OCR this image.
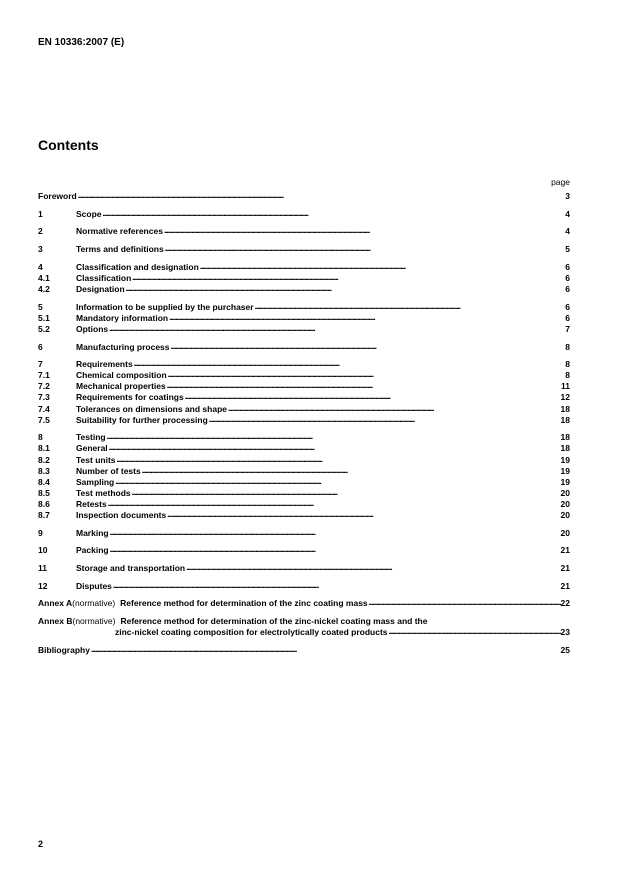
EN 10336:2007 (E)
Contents
page
Foreword . . .	3
1	Scope . . .	4
2	Normative references . . .	4
3	Terms and definitions . . .	5
4	Classification and designation . . .	6
4.1	Classification . . .	6
4.2	Designation . . .	6
5	Information to be supplied by the purchaser . . .	6
5.1	Mandatory information . . .	6
5.2	Options . . .	7
6	Manufacturing process . . .	8
7	Requirements . . .	8
7.1	Chemical composition . . .	8
7.2	Mechanical properties . . .	11
7.3	Requirements for coatings . . .	12
7.4	Tolerances on dimensions and shape . . .	18
7.5	Suitability for further processing . . .	18
8	Testing . . .	18
8.1	General . . .	18
8.2	Test units . . .	19
8.3	Number of tests . . .	19
8.4	Sampling . . .	19
8.5	Test methods . . .	20
8.6	Retests . . .	20
8.7	Inspection documents . . .	20
9	Marking . . .	20
10	Packing . . .	21
11	Storage and transportation . . .	21
12	Disputes . . .	21
Annex A (normative) Reference method for determination of the zinc coating mass . . .	22
Annex B (normative) Reference method for determination of the zinc-nickel coating mass and the
zinc-nickel coating composition for electrolytically coated products . . .	23
Bibliography . . .	25
2
